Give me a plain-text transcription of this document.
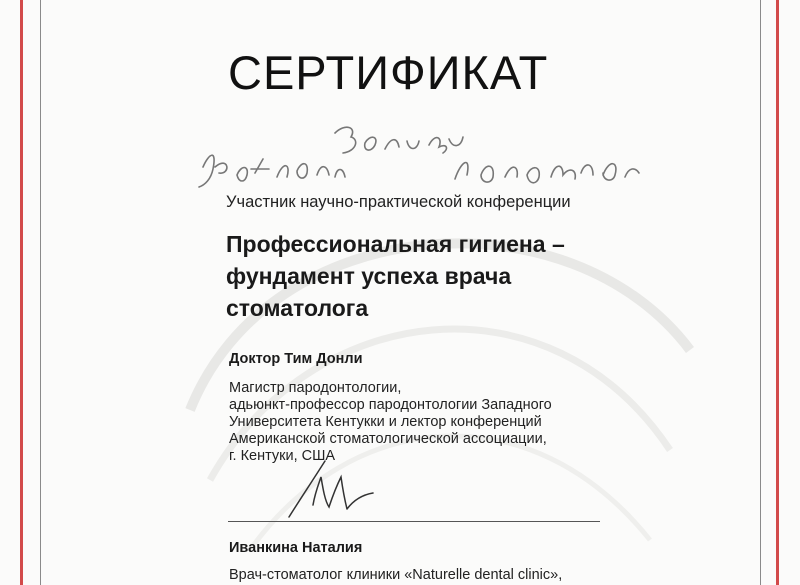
СЕРТИФИКАТ
Участник научно-практической конференции
Профессиональная гигиена – фундамент успеха врача стоматолога
Доктор Тим Донли
Магистр пародонтологии,
адьюнкт-профессор пародонтологии Западного
Университета Кентукки и лектор конференций
Американской стоматологической ассоциации,
г. Кентуки, США
Иванкина Наталия
Врач-стоматолог клиники «Naturelle dental clinic»,
